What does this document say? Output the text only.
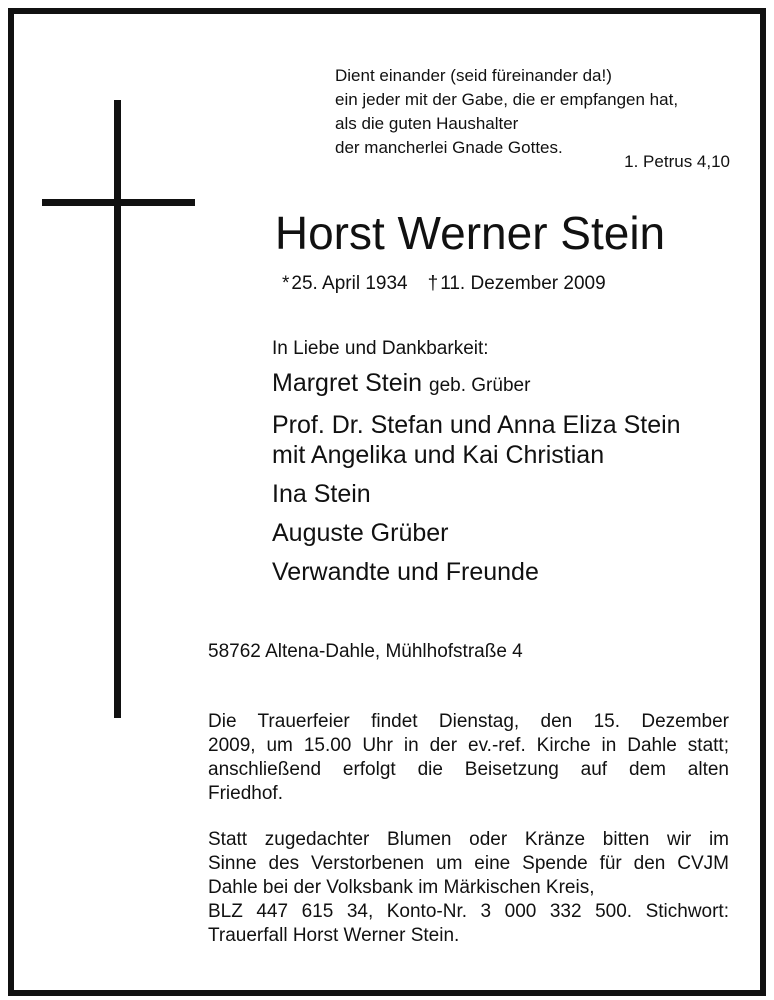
Dient einander (seid füreinander da!)
ein jeder mit der Gabe, die er empfangen hat,
als die guten Haushalter
der mancherlei Gnade Gottes.
1. Petrus 4,10
Horst Werner Stein
* 25. April 1934 † 11. Dezember 2009
In Liebe und Dankbarkeit:
Margret Stein geb. Grüber
Prof. Dr. Stefan und Anna Eliza Stein
mit Angelika und Kai Christian
Ina Stein
Auguste Grüber
Verwandte und Freunde
58762 Altena-Dahle, Mühlhofstraße 4
Die Trauerfeier findet Dienstag, den 15. Dezember
2009, um 15.00 Uhr in der ev.-ref. Kirche in Dahle statt;
anschließend erfolgt die Beisetzung auf dem alten
Friedhof.
Statt zugedachter Blumen oder Kränze bitten wir im
Sinne des Verstorbenen um eine Spende für den CVJM
Dahle bei der Volksbank im Märkischen Kreis,
BLZ 447 615 34, Konto-Nr. 3 000 332 500. Stichwort:
Trauerfall Horst Werner Stein.
